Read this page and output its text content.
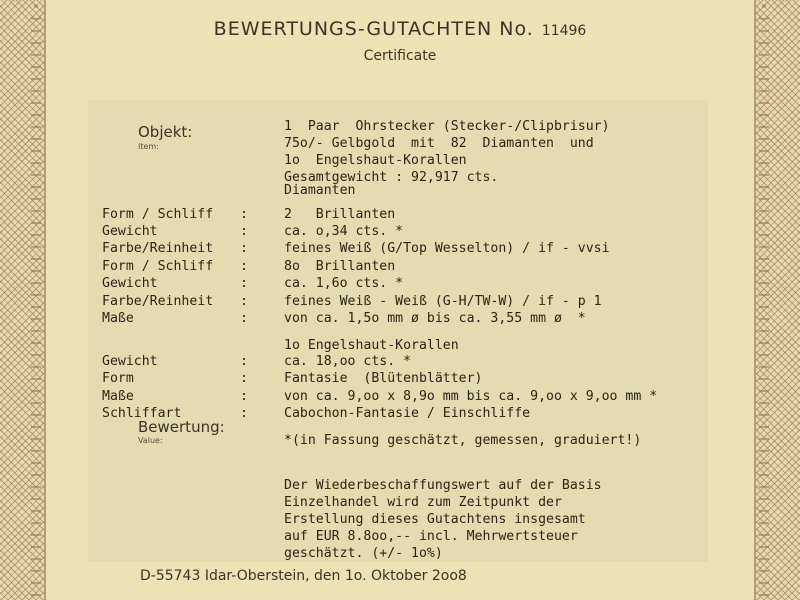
BEWERTUNGS-GUTACHTEN No. 11496
Certificate
Objekt:
Item:

1  Paar  Ohrstecker (Stecker-/Clipbrisur)
75o/- Gelbgold  mit  82  Diamanten  und
1o  Engelshaut-Korallen
Gesamtgewicht : 92,917 cts.

Diamanten
Form / Schliff :	2   Brillanten
Gewicht	:	ca. o,34 cts. *
Farbe/Reinheit :	feines Weiß (G/Top Wesselton) / if - vvsi
Form / Schliff :	8o  Brillanten
Gewicht	:	ca. 1,6o cts. *
Farbe/Reinheit :	feines Weiß - Weiß (G-H/TW-W) / if - p 1
Maße	:	von ca. 1,5o mm ø bis ca. 3,55 mm ø  *
1o Engelshaut-Korallen
Gewicht	:	ca. 18,oo cts. *
Form	:	Fantasie  (Blütenblätter)
Maße	:	von ca. 9,oo x 8,9o mm bis ca. 9,oo x 9,oo mm *
Schliffart	:	Cabochon-Fantasie / Einschliffe
Bewertung:
Value:	*(in Fassung geschätzt, gemessen, graduiert!)

Der Wiederbeschaffungswert auf der Basis
Einzelhandel wird zum Zeitpunkt der
Erstellung dieses Gutachtens insgesamt
auf EUR 8.8oo,-- incl. Mehrwertsteuer
geschätzt. (+/- 1o%)

D-55743 Idar-Oberstein, den 1o. Oktober 2oo8
